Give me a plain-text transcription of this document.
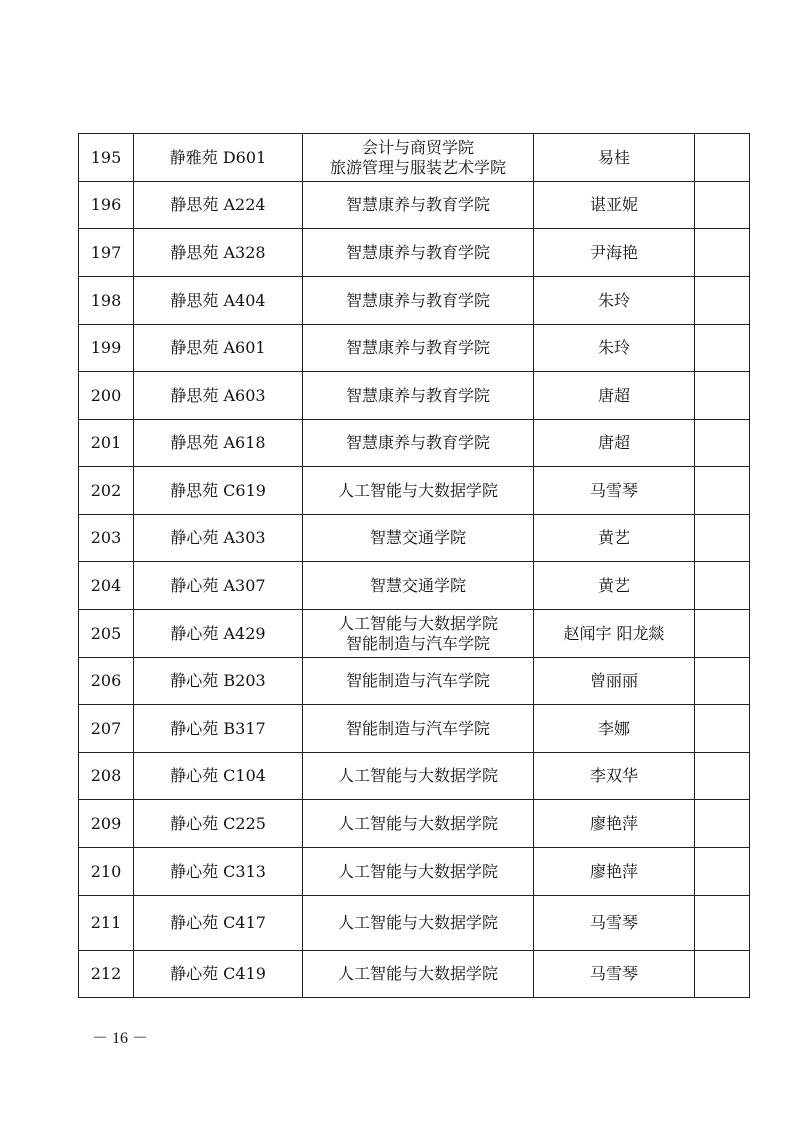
195	静雅苑 D601	会计与商贸学院
旅游管理与服装艺术学院	易桂	
196	静思苑 A224	智慧康养与教育学院	谌亚妮	
197	静思苑 A328	智慧康养与教育学院	尹海艳	
198	静思苑 A404	智慧康养与教育学院	朱玲	
199	静思苑 A601	智慧康养与教育学院	朱玲	
200	静思苑 A603	智慧康养与教育学院	唐超	
201	静思苑 A618	智慧康养与教育学院	唐超	
202	静思苑 C619	人工智能与大数据学院	马雪琴	
203	静心苑 A303	智慧交通学院	黄艺	
204	静心苑 A307	智慧交通学院	黄艺	
205	静心苑 A429	人工智能与大数据学院
智能制造与汽车学院	赵闻宇 阳龙燚	
206	静心苑 B203	智能制造与汽车学院	曾丽丽	
207	静心苑 B317	智能制造与汽车学院	李娜	
208	静心苑 C104	人工智能与大数据学院	李双华	
209	静心苑 C225	人工智能与大数据学院	廖艳萍	
210	静心苑 C313	人工智能与大数据学院	廖艳萍	
211	静心苑 C417	人工智能与大数据学院	马雪琴	
212	静心苑 C419	人工智能与大数据学院	马雪琴	
－ 16 －
